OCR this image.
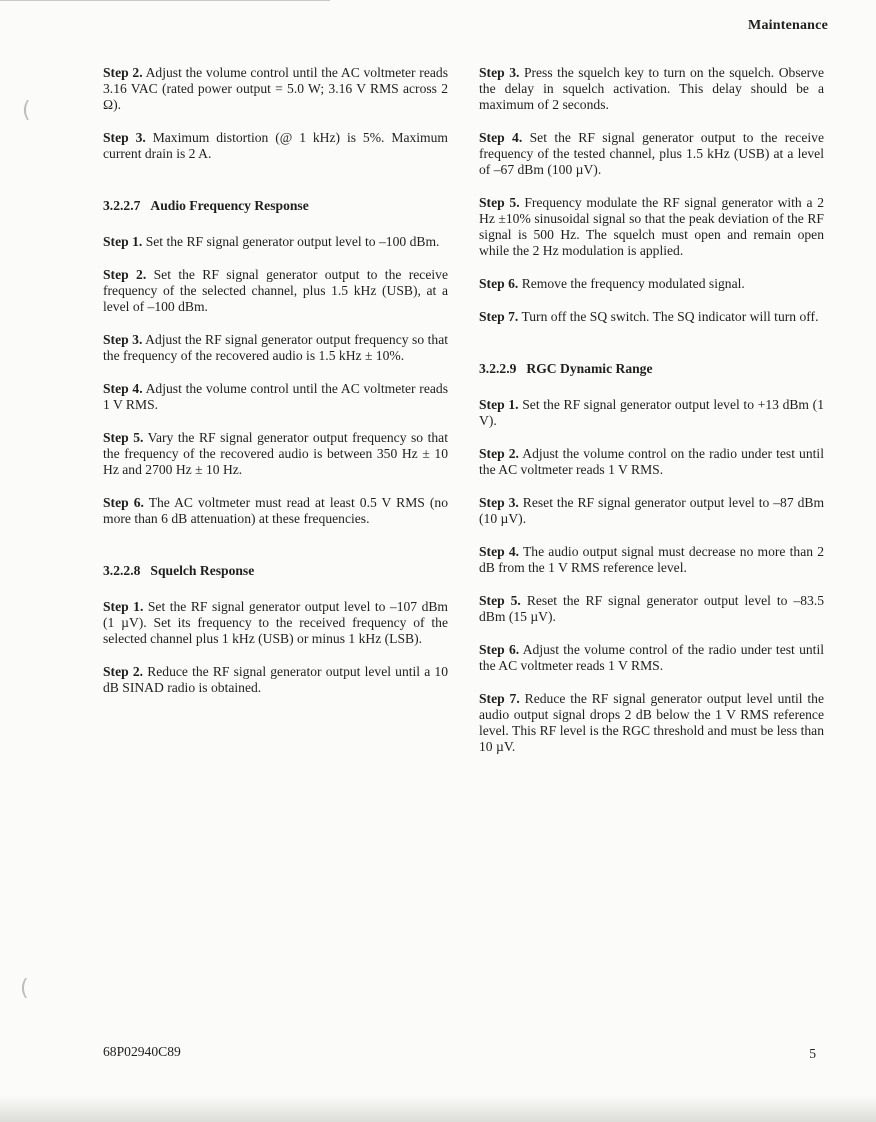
(
(
Maintenance

Step 2. Adjust the volume control until the AC voltmeter reads 3.16 VAC (rated power output = 5.0 W; 3.16 V RMS across 2 Ω).

Step 3. Maximum distortion (@ 1 kHz) is 5%. Maximum current drain is 2 A.

3.2.2.7 Audio Frequency Response

Step 1. Set the RF signal generator output level to –100 dBm.

Step 2. Set the RF signal generator output to the receive frequency of the selected channel, plus 1.5 kHz (USB), at a level of –100 dBm.

Step 3. Adjust the RF signal generator output frequency so that the frequency of the recovered audio is 1.5 kHz ± 10%.

Step 4. Adjust the volume control until the AC voltmeter reads 1 V RMS.

Step 5. Vary the RF signal generator output frequency so that the frequency of the recovered audio is between 350 Hz ± 10 Hz and 2700 Hz ± 10 Hz.

Step 6. The AC voltmeter must read at least 0.5 V RMS (no more than 6 dB attenuation) at these frequencies.

3.2.2.8 Squelch Response

Step 1. Set the RF signal generator output level to –107 dBm (1 µV). Set its frequency to the received frequency of the selected channel plus 1 kHz (USB) or minus 1 kHz (LSB).

Step 2. Reduce the RF signal generator output level until a 10 dB SINAD radio is obtained.

Step 3. Press the squelch key to turn on the squelch. Observe the delay in squelch activation. This delay should be a maximum of 2 seconds.

Step 4. Set the RF signal generator output to the receive frequency of the tested channel, plus 1.5 kHz (USB) at a level of –67 dBm (100 µV).

Step 5. Frequency modulate the RF signal generator with a 2 Hz ±10% sinusoidal signal so that the peak deviation of the RF signal is 500 Hz. The squelch must open and remain open while the 2 Hz modulation is applied.

Step 6. Remove the frequency modulated signal.

Step 7. Turn off the SQ switch. The SQ indicator will turn off.

3.2.2.9 RGC Dynamic Range

Step 1. Set the RF signal generator output level to +13 dBm (1 V).

Step 2. Adjust the volume control on the radio under test until the AC voltmeter reads 1 V RMS.

Step 3. Reset the RF signal generator output level to –87 dBm (10 µV).

Step 4. The audio output signal must decrease no more than 2 dB from the 1 V RMS reference level.

Step 5. Reset the RF signal generator output level to –83.5 dBm (15 µV).

Step 6. Adjust the volume control of the radio under test until the AC voltmeter reads 1 V RMS.

Step 7. Reduce the RF signal generator output level until the audio output signal drops 2 dB below the 1 V RMS reference level. This RF level is the RGC threshold and must be less than 10 µV.

68P02940C89	5
